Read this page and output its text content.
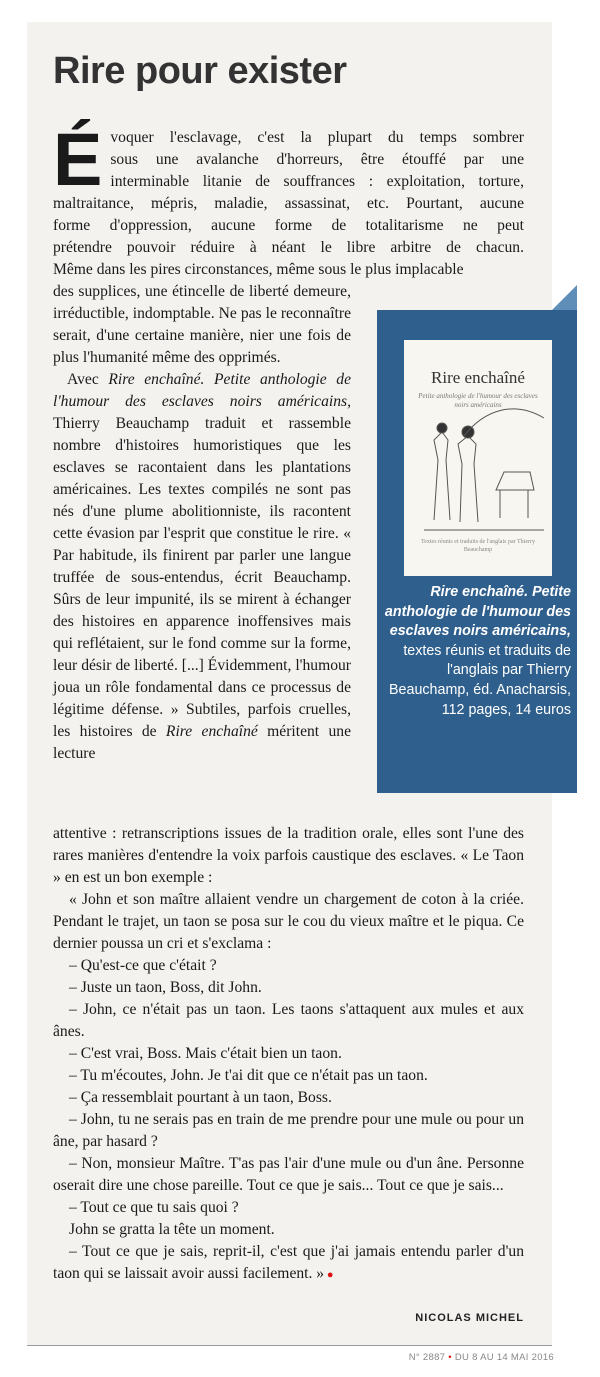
Rire pour exister
É voquer l'esclavage, c'est la plupart du temps sombrer
sous une avalanche d'horreurs, être étouffé par une
interminable litanie de souffrances : exploitation, torture,
maltraitance, mépris, maladie, assassinat, etc. Pourtant, aucune
forme d'oppression, aucune forme de totalitarisme ne peut
prétendre pouvoir réduire à néant le libre arbitre de chacun.
Même dans les pires circonstances, même sous le plus implacable

des supplices, une étincelle de liberté demeure, irréductible, indomptable. Ne pas le reconnaître serait, d'une certaine manière, nier une fois de plus l'humanité même des opprimés.

Avec Rire enchaîné. Petite anthologie de l'humour des esclaves noirs américains, Thierry Beauchamp traduit et rassemble nombre d'histoires humoristiques que les esclaves se racontaient dans les plantations américaines. Les textes compilés ne sont pas nés d'une plume abolitionniste, ils racontent cette évasion par l'esprit que constitue le rire. « Par habitude, ils finirent par parler une langue truffée de sous-entendus, écrit Beauchamp. Sûrs de leur impunité, ils se mirent à échanger des histoires en apparence inoffensives mais qui reflétaient, sur le fond comme sur la forme, leur désir de liberté. [...] Évidemment, l'humour joua un rôle fondamental dans ce processus de légitime défense. » Subtiles, parfois cruelles, les histoires de Rire enchaîné méritent une lecture

attentive : retranscriptions issues de la tradition orale, elles sont l'une des rares manières d'entendre la voix parfois caustique des esclaves. « Le Taon » en est un bon exemple :

« John et son maître allaient vendre un chargement de coton à la criée. Pendant le trajet, un taon se posa sur le cou du vieux maître et le piqua. Ce dernier poussa un cri et s'exclama :

– Qu'est-ce que c'était ?

– Juste un taon, Boss, dit John.

– John, ce n'était pas un taon. Les taons s'attaquent aux mules et aux ânes.

– C'est vrai, Boss. Mais c'était bien un taon.

– Tu m'écoutes, John. Je t'ai dit que ce n'était pas un taon.

– Ça ressemblait pourtant à un taon, Boss.

– John, tu ne serais pas en train de me prendre pour une mule ou pour un âne, par hasard ?

– Non, monsieur Maître. T'as pas l'air d'une mule ou d'un âne. Personne oserait dire une chose pareille. Tout ce que je sais... Tout ce que je sais...

– Tout ce que tu sais quoi ?

John se gratta la tête un moment.

– Tout ce que je sais, reprit-il, c'est que j'ai jamais entendu parler d'un taon qui se laissait avoir aussi facilement. » ●

Rire enchaîné
Petite anthologie de l'humour des esclaves noirs américains
Textes réunis et traduits de l'anglais par Thierry Beauchamp
Rire enchaîné. Petite anthologie de l'humour des esclaves noirs américains, textes réunis et traduits de l'anglais par Thierry Beauchamp, éd. Anacharsis, 112 pages, 14 euros
NICOLAS MICHEL
N° 2887 • DU 8 AU 14 MAI 2016
